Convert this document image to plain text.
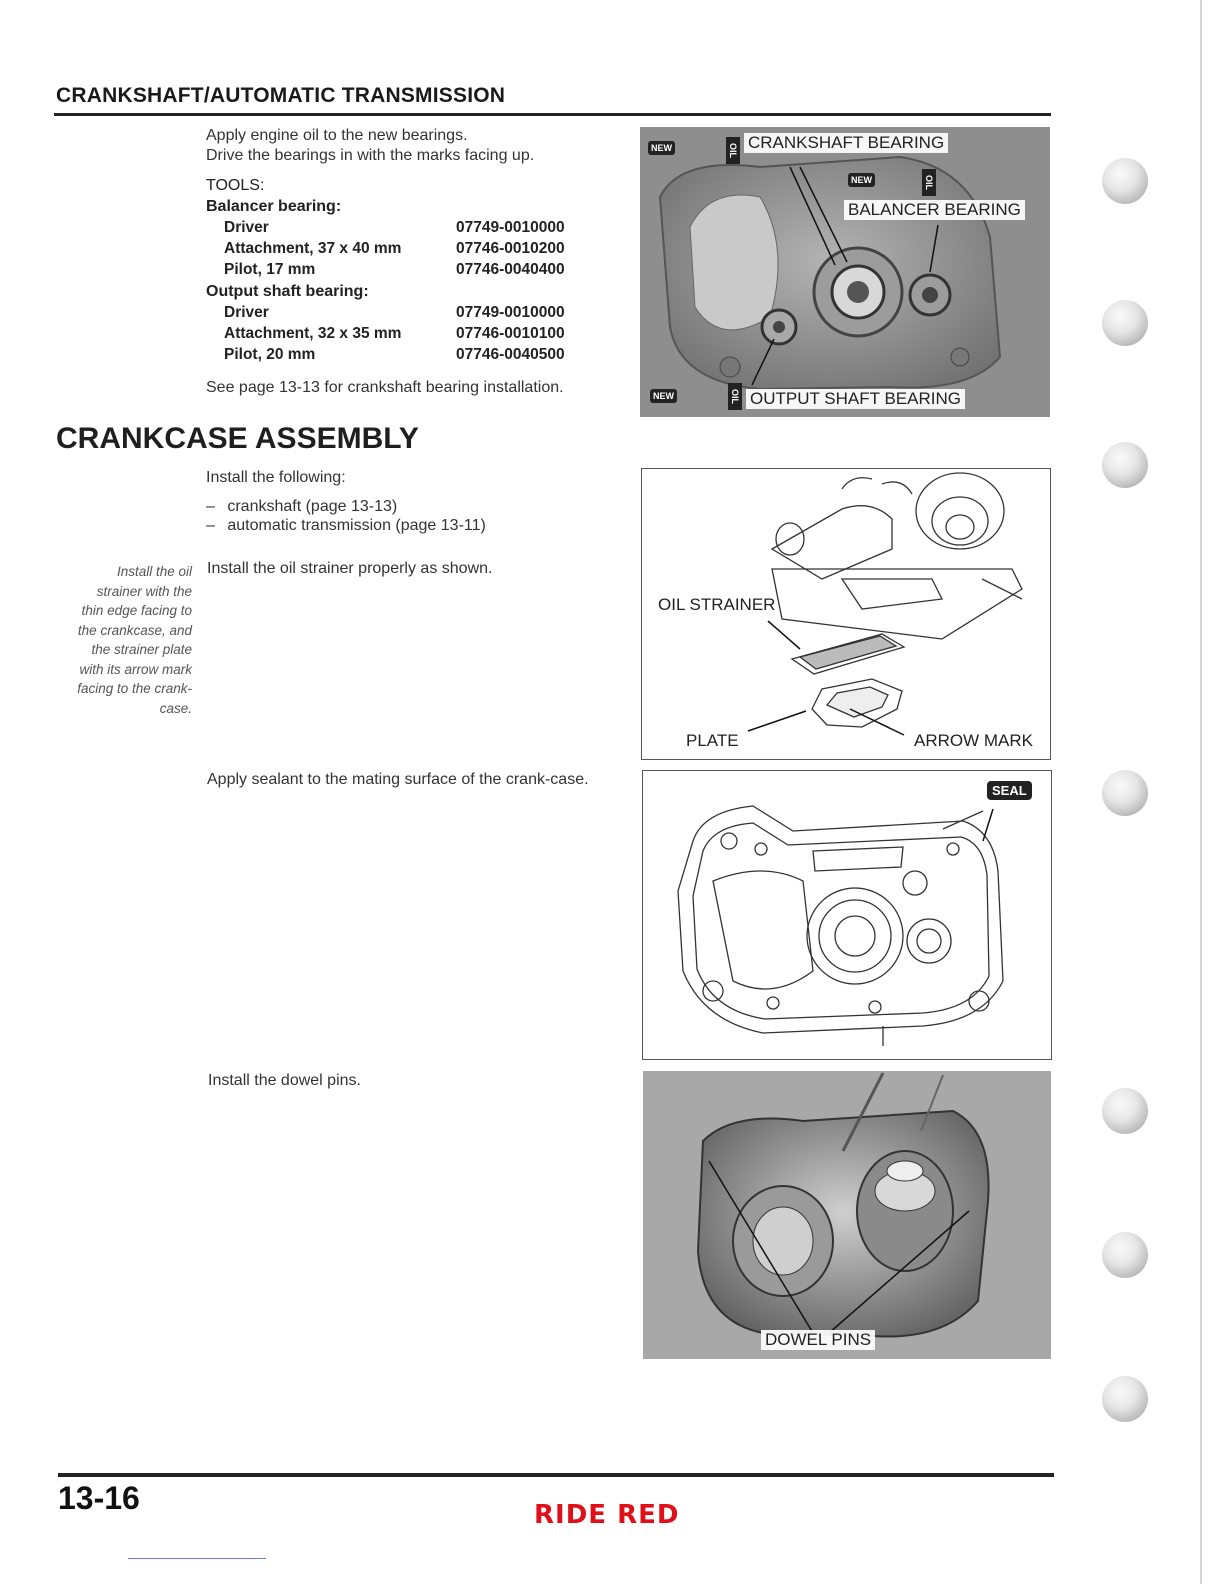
CRANKSHAFT/AUTOMATIC TRANSMISSION
Apply engine oil to the new bearings.
Drive the bearings in with the marks facing up.
TOOLS:
Balancer bearing:
Driver	07749-0010000
Attachment, 37 x 40 mm	07746-0010200
Pilot, 17 mm	07746-0040400
Output shaft bearing:
Driver	07749-0010000
Attachment, 32 x 35 mm	07746-0010100
Pilot, 20 mm	07746-0040500
See page 13-13 for crankshaft bearing installation.
CRANKSHAFT BEARING
BALANCER BEARING
OUTPUT SHAFT BEARING
NEW	OIL
NEW	OIL
NEW	OIL
CRANKCASE ASSEMBLY
Install the following:
– crankshaft (page 13-13)
– automatic transmission (page 13-11)
Install the oil
strainer with the
thin edge facing to
the crankcase, and
the strainer plate
with its arrow mark
facing to the crank-
case.
Install the oil strainer properly as shown.
OIL STRAINER
PLATE	ARROW MARK
Apply sealant to the mating surface of the crank-case.
SEAL
Install the dowel pins.
DOWEL PINS
13-16	RIDE RED
